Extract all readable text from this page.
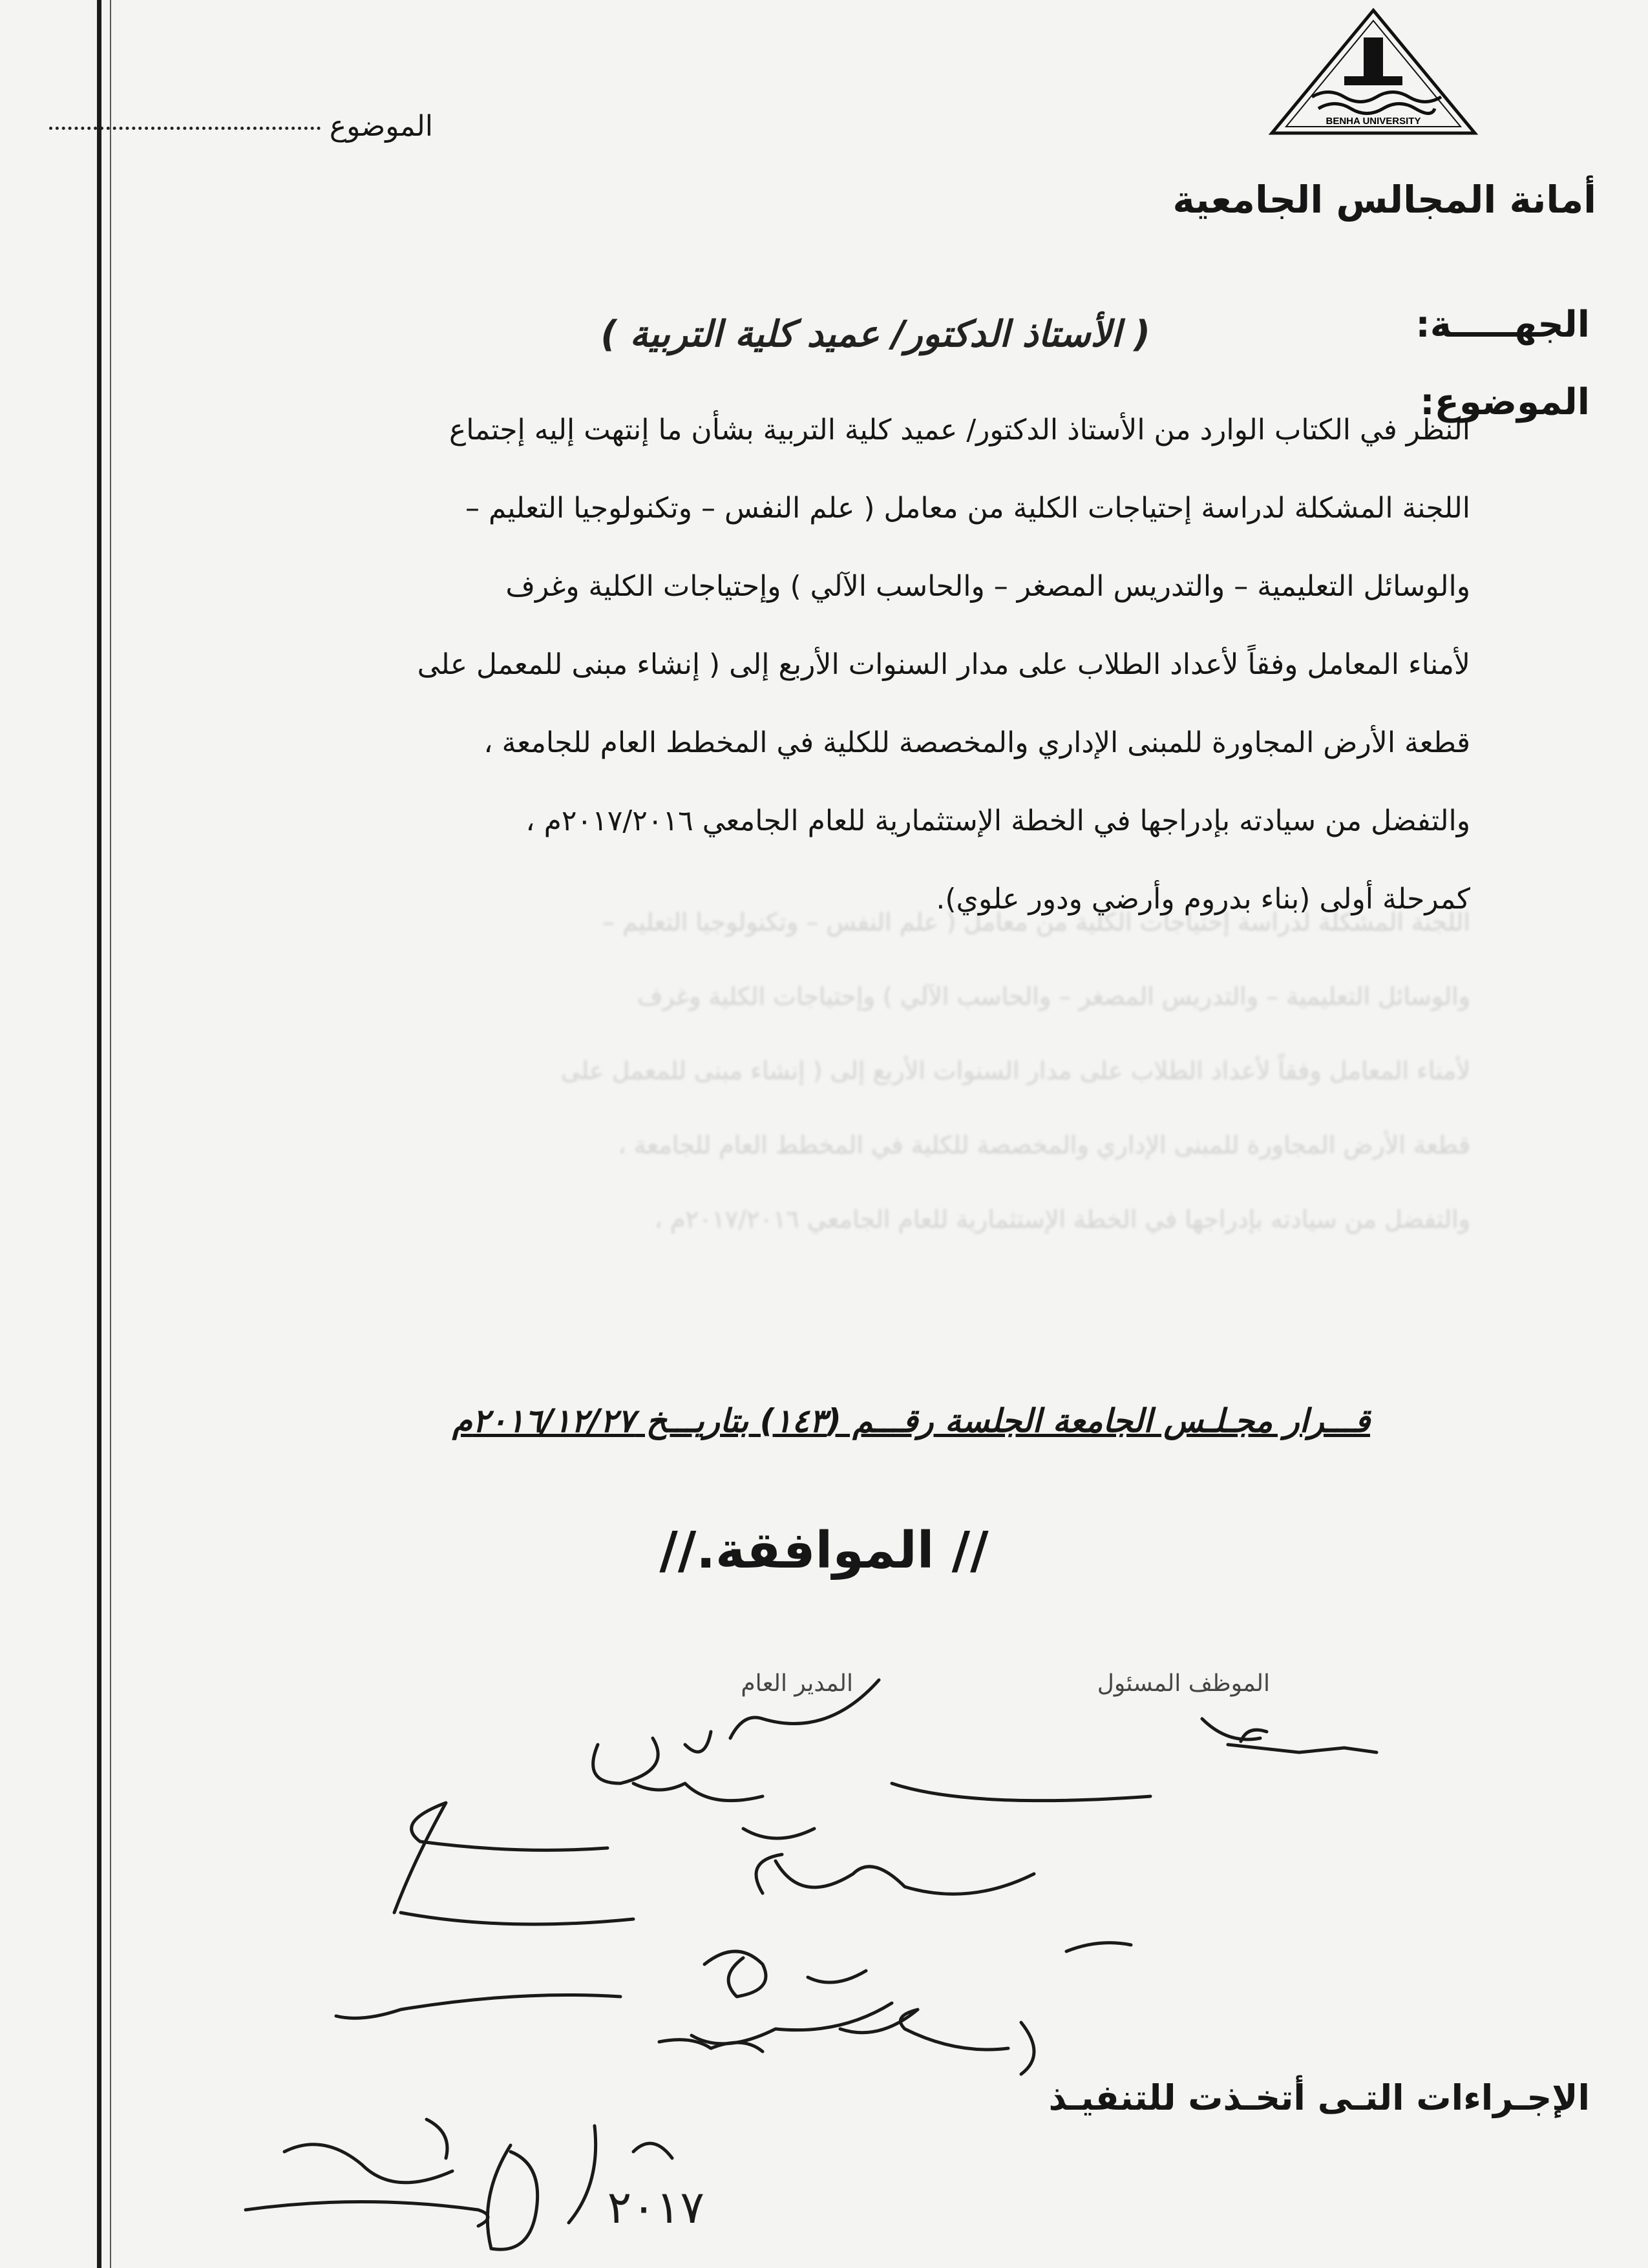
BENHA UNIVERSITY
الموضوع
أمانة المجالس الجامعية
الجهـــــة:
( الأستاذ الدكتور/ عميد كلية التربية )
الموضوع:

النظر في الكتاب الوارد من الأستاذ الدكتور/ عميد كلية التربية بشأن ما إنتهت إليه إجتماع

اللجنة المشكلة لدراسة إحتياجات الكلية من معامل ( علم النفس – وتكنولوجيا التعليم –

والوسائل التعليمية – والتدريس المصغر – والحاسب الآلي ) وإحتياجات الكلية وغرف

لأمناء المعامل وفقاً لأعداد الطلاب على مدار السنوات الأربع إلى ( إنشاء مبنى للمعمل على

قطعة الأرض المجاورة للمبنى الإداري والمخصصة للكلية في المخطط العام للجامعة ،

والتفضل من سيادته بإدراجها في الخطة الإستثمارية للعام الجامعي ٢٠١٧/٢٠١٦م ،

كمرحلة أولى (بناء بدروم وأرضي ودور علوي).

اللجنة المشكلة لدراسة إحتياجات الكلية من معامل ( علم النفس – وتكنولوجيا التعليم –

والوسائل التعليمية – والتدريس المصغر – والحاسب الآلي ) وإحتياجات الكلية وغرف

لأمناء المعامل وفقاً لأعداد الطلاب على مدار السنوات الأربع إلى ( إنشاء مبنى للمعمل على

قطعة الأرض المجاورة للمبنى الإداري والمخصصة للكلية في المخطط العام للجامعة ،

والتفضل من سيادته بإدراجها في الخطة الإستثمارية للعام الجامعي ٢٠١٧/٢٠١٦م ،

قـــرار مجـلـس الجامعة الجلسة رقـــم (١٤٣) بتاريـــخ ٢٠١٦/١٢/٢٧م
// الموافقة.//
الموظف المسئول
المدير العام
٢٠١٧
الإجـراءات التـى أتخـذت للتنفيـذ
